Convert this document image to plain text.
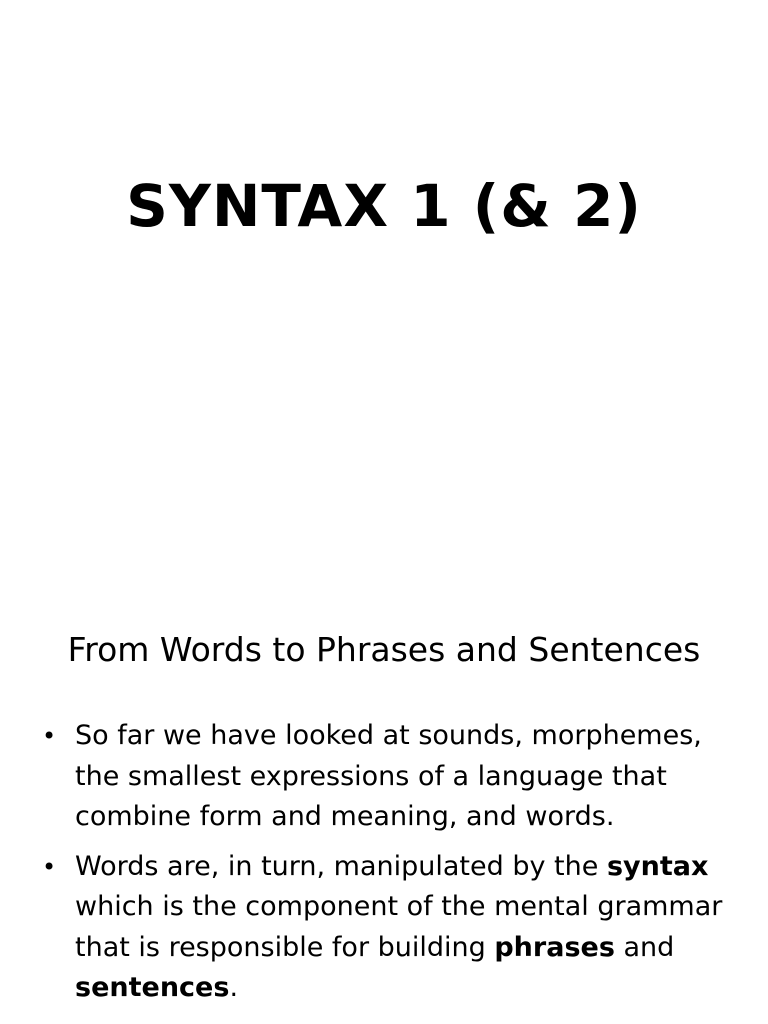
SYNTAX 1 (& 2)
From Words to Phrases and Sentences
• So far we have looked at sounds, morphemes, the smallest expressions of a language that combine form and meaning, and words.
• Words are, in turn, manipulated by the syntax which is the component of the mental grammar that is responsible for building phrases and sentences.
